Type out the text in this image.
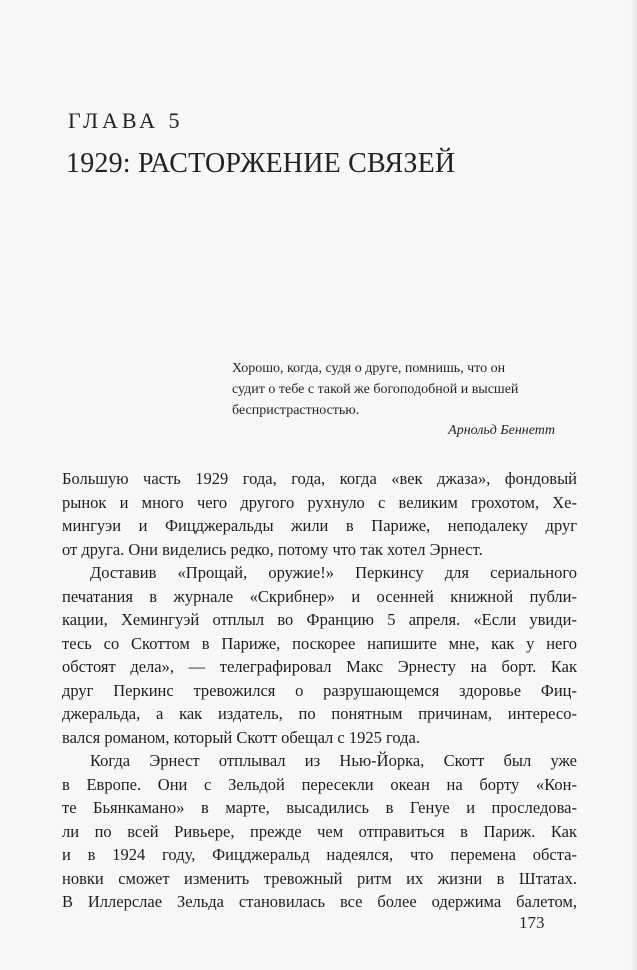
ГЛАВА 5
1929: РАСТОРЖЕНИЕ СВЯЗЕЙ
Хорошо, когда, судя о друге, помнишь, что он
судит о тебе с такой же богоподобной и высшей
беспристрастностью.
Арнольд Беннетт
Большую часть 1929 года, года, когда «век джаза», фондовый
рынок и много чего другого рухнуло с великим грохотом, Хе-
мингуэи и Фицджеральды жили в Париже, неподалеку друг
от друга. Они виделись редко, потому что так хотел Эрнест.
Доставив «Прощай, оружие!» Перкинсу для сериального
печатания в журнале «Скрибнер» и осенней книжной публи-
кации, Хемингуэй отплыл во Францию 5 апреля. «Если увиди-
тесь со Скоттом в Париже, поскорее напишите мне, как у него
обстоят дела», — телеграфировал Макс Эрнесту на борт. Как
друг Перкинс тревожился о разрушающемся здоровье Фиц-
джеральда, а как издатель, по понятным причинам, интересо-
вался романом, который Скотт обещал с 1925 года.
Когда Эрнест отплывал из Нью-Йорка, Скотт был уже
в Европе. Они с Зельдой пересекли океан на борту «Кон-
те Бьянкамано» в марте, высадились в Генуе и проследова-
ли по всей Ривьере, прежде чем отправиться в Париж. Как
и в 1924 году, Фицджеральд надеялся, что перемена обста-
новки сможет изменить тревожный ритм их жизни в Штатах.
В Иллерслае Зельда становилась все более одержима балетом,
173
